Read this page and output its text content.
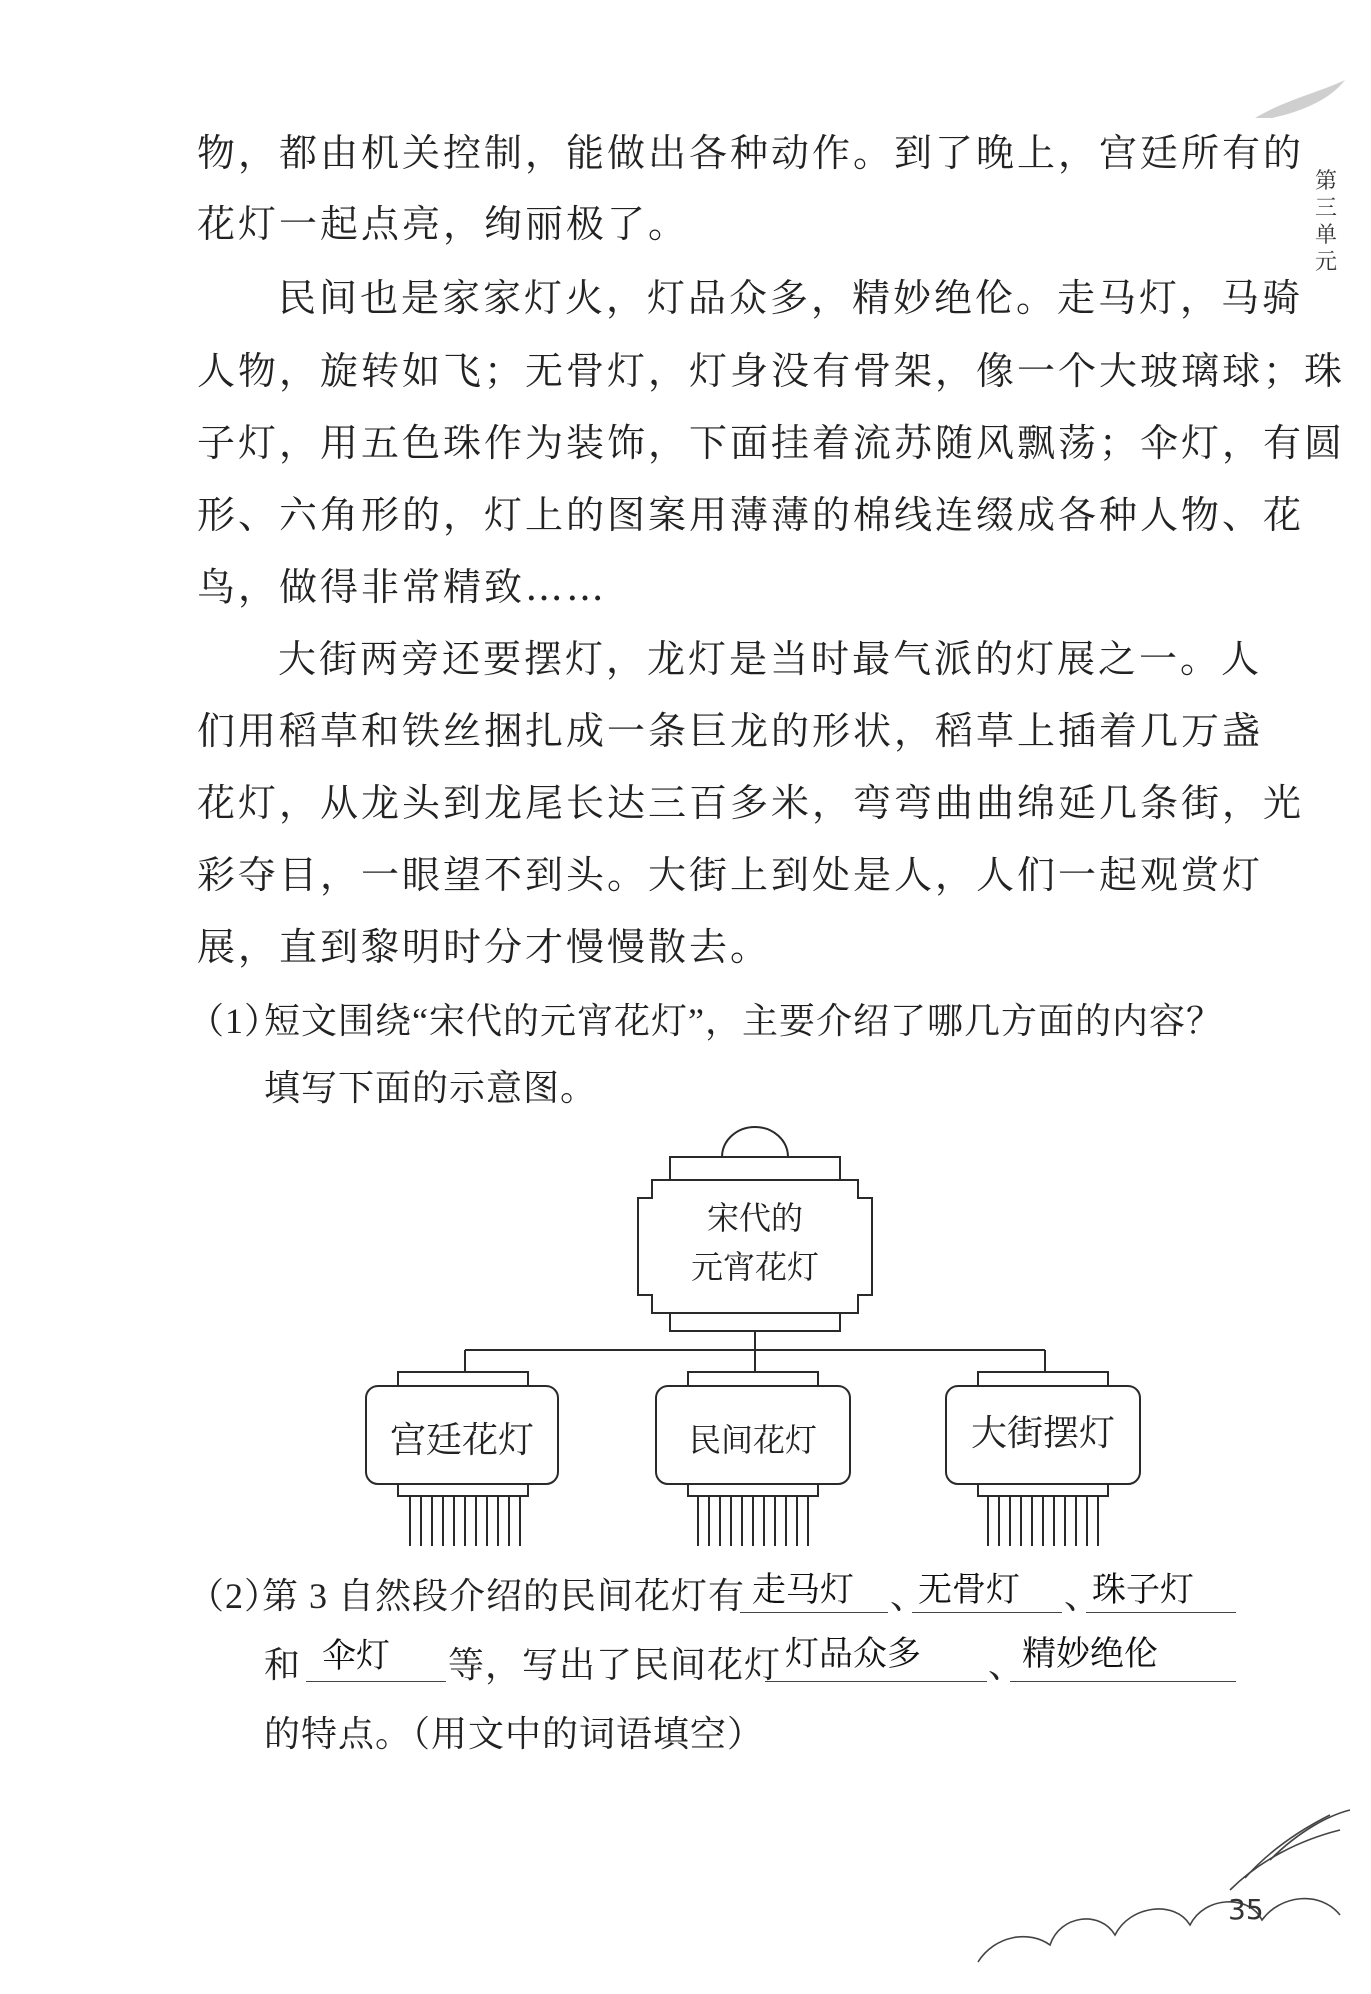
第三单元
物，都由机关控制，能做出各种动作。到了晚上，宫廷所有的
花灯一起点亮，绚丽极了。
民间也是家家灯火，灯品众多，精妙绝伦。走马灯，马骑
人物，旋转如飞；无骨灯，灯身没有骨架，像一个大玻璃球；珠
子灯，用五色珠作为装饰，下面挂着流苏随风飘荡；伞灯，有圆
形、六角形的，灯上的图案用薄薄的棉线连缀成各种人物、花
鸟，做得非常精致……
大街两旁还要摆灯，龙灯是当时最气派的灯展之一。人
们用稻草和铁丝捆扎成一条巨龙的形状，稻草上插着几万盏
花灯，从龙头到龙尾长达三百多米，弯弯曲曲绵延几条街，光
彩夺目，一眼望不到头。大街上到处是人，人们一起观赏灯
展，直到黎明时分才慢慢散去。
（1）
短文围绕“宋代的元宵花灯”，主要介绍了哪几方面的内容？
填写下面的示意图。
宋代的
元宵花灯
宫廷花灯	民间花灯	大街摆灯
（2）
第 3 自然段介绍的民间花灯有 走马灯 、
无骨灯 、
珠子灯
和 伞灯 等，写出了民间花灯 灯品众多 、
精妙绝伦
的特点。（用文中的词语填空）
35
